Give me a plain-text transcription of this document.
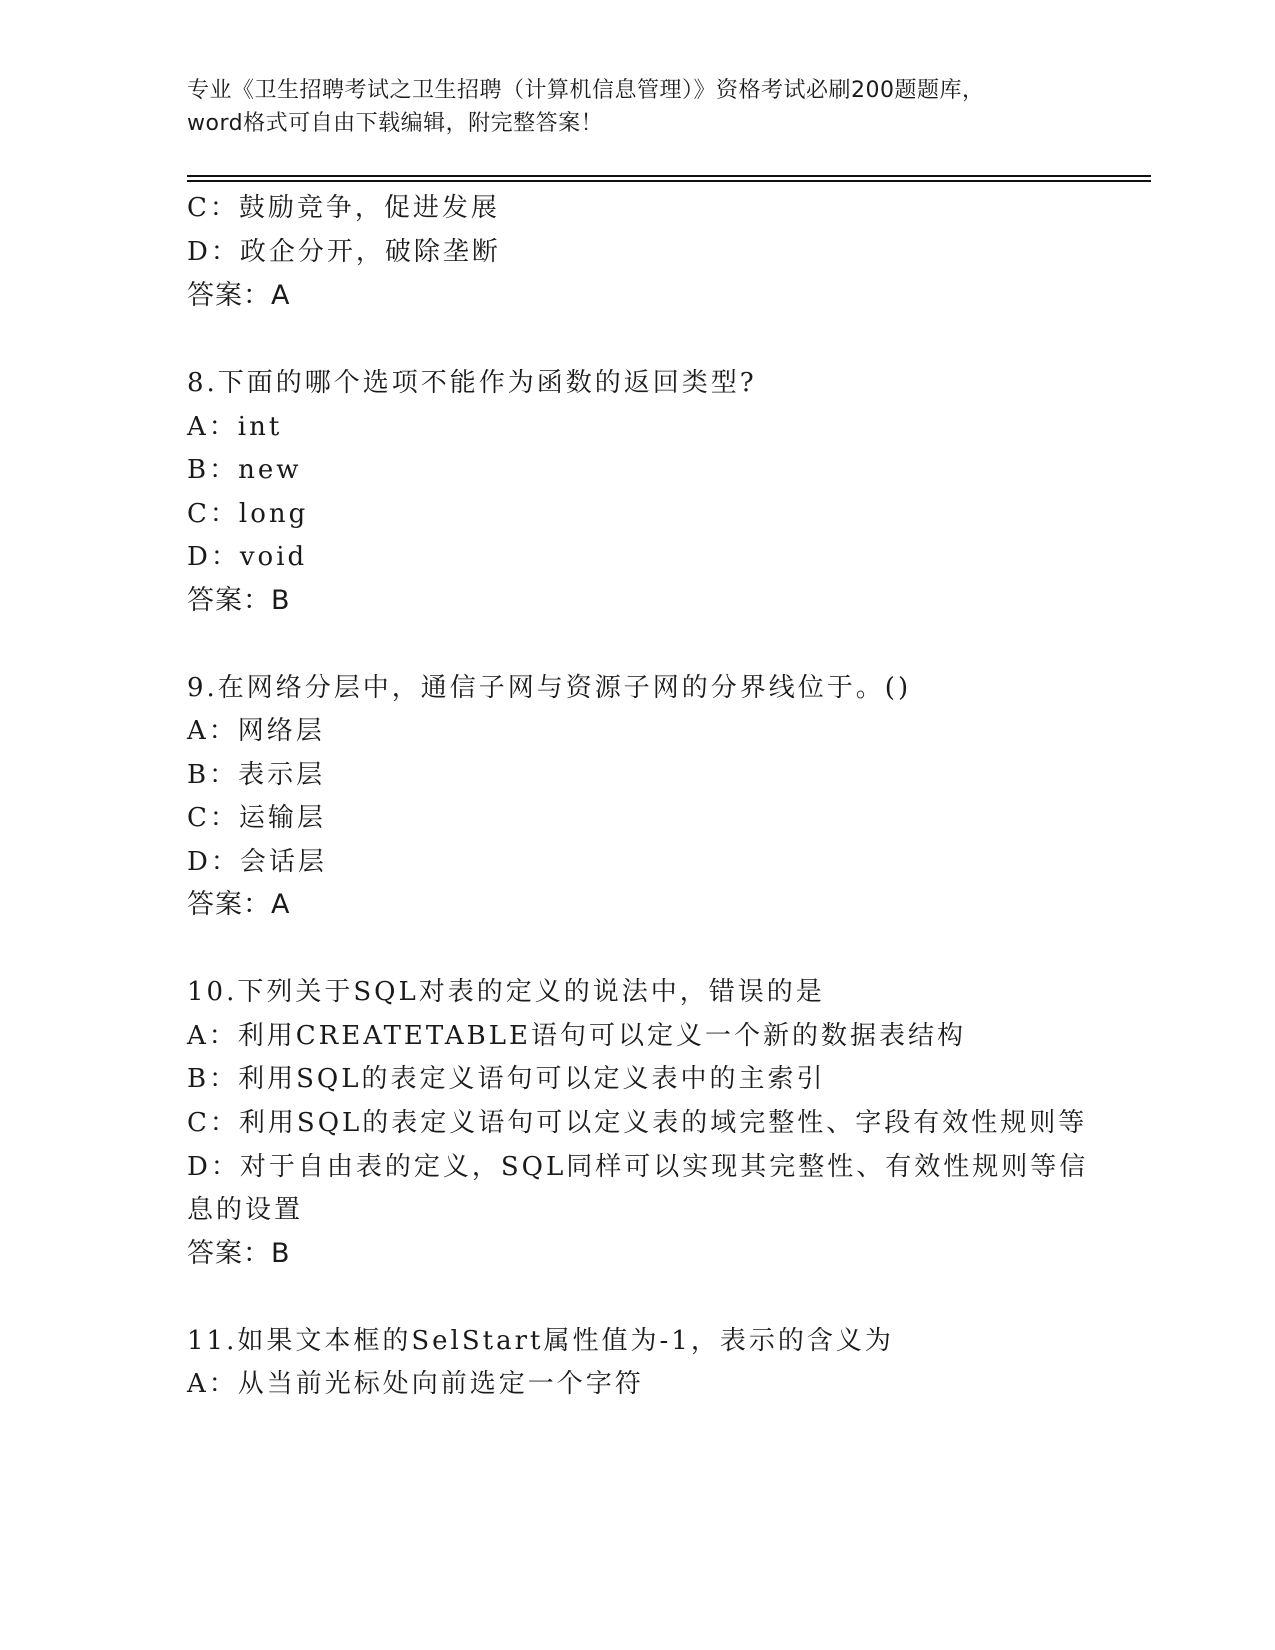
专业《卫生招聘考试之卫生招聘（计算机信息管理）》资格考试必刷200题题库，
word格式可自由下载编辑，附完整答案！
C：鼓励竞争，促进发展
D：政企分开，破除垄断
答案：A
8.下面的哪个选项不能作为函数的返回类型?
A：int
B：new
C：long
D：void
答案：B
9.在网络分层中，通信子网与资源子网的分界线位于。()
A：网络层
B：表示层
C：运输层
D：会话层
答案：A
10.下列关于SQL对表的定义的说法中，错误的是
A：利用CREATETABLE语句可以定义一个新的数据表结构
B：利用SQL的表定义语句可以定义表中的主索引
C：利用SQL的表定义语句可以定义表的域完整性、字段有效性规则等
D：对于自由表的定义，SQL同样可以实现其完整性、有效性规则等信
息的设置
答案：B
11.如果文本框的SelStart属性值为-1，表示的含义为
A：从当前光标处向前选定一个字符
